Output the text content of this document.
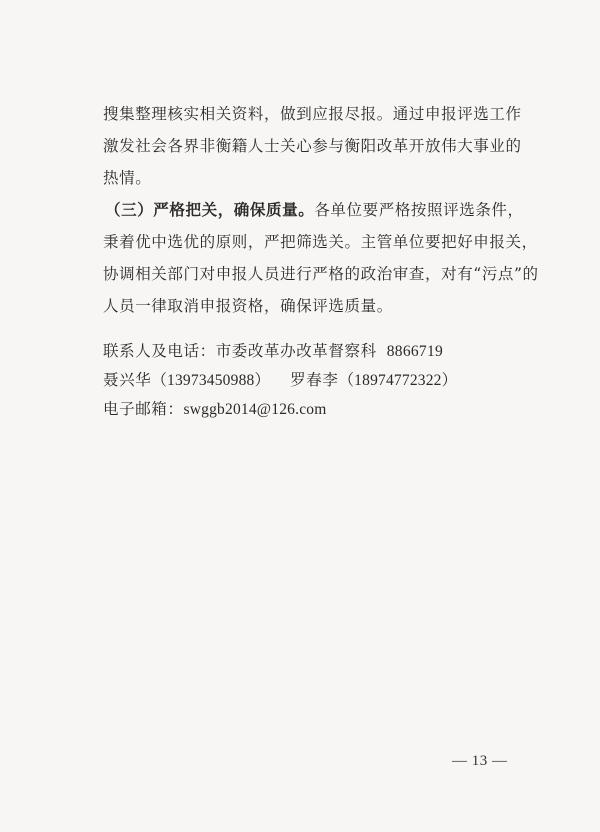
搜集整理核实相关资料，做到应报尽报。通过申报评选工作
激发社会各界非衡籍人士关心参与衡阳改革开放伟大事业的
热情。
（三）严格把关，确保质量。各单位要严格按照评选条件，
秉着优中选优的原则，严把筛选关。主管单位要把好申报关，
协调相关部门对申报人员进行严格的政治审查，对有“污点”的
人员一律取消申报资格，确保评选质量。
联系人及电话：市委改革办改革督察科 8866719
聂兴华（13973450988） 罗春李（18974772322）
电子邮箱：swggb2014@126.com
— 13 —
